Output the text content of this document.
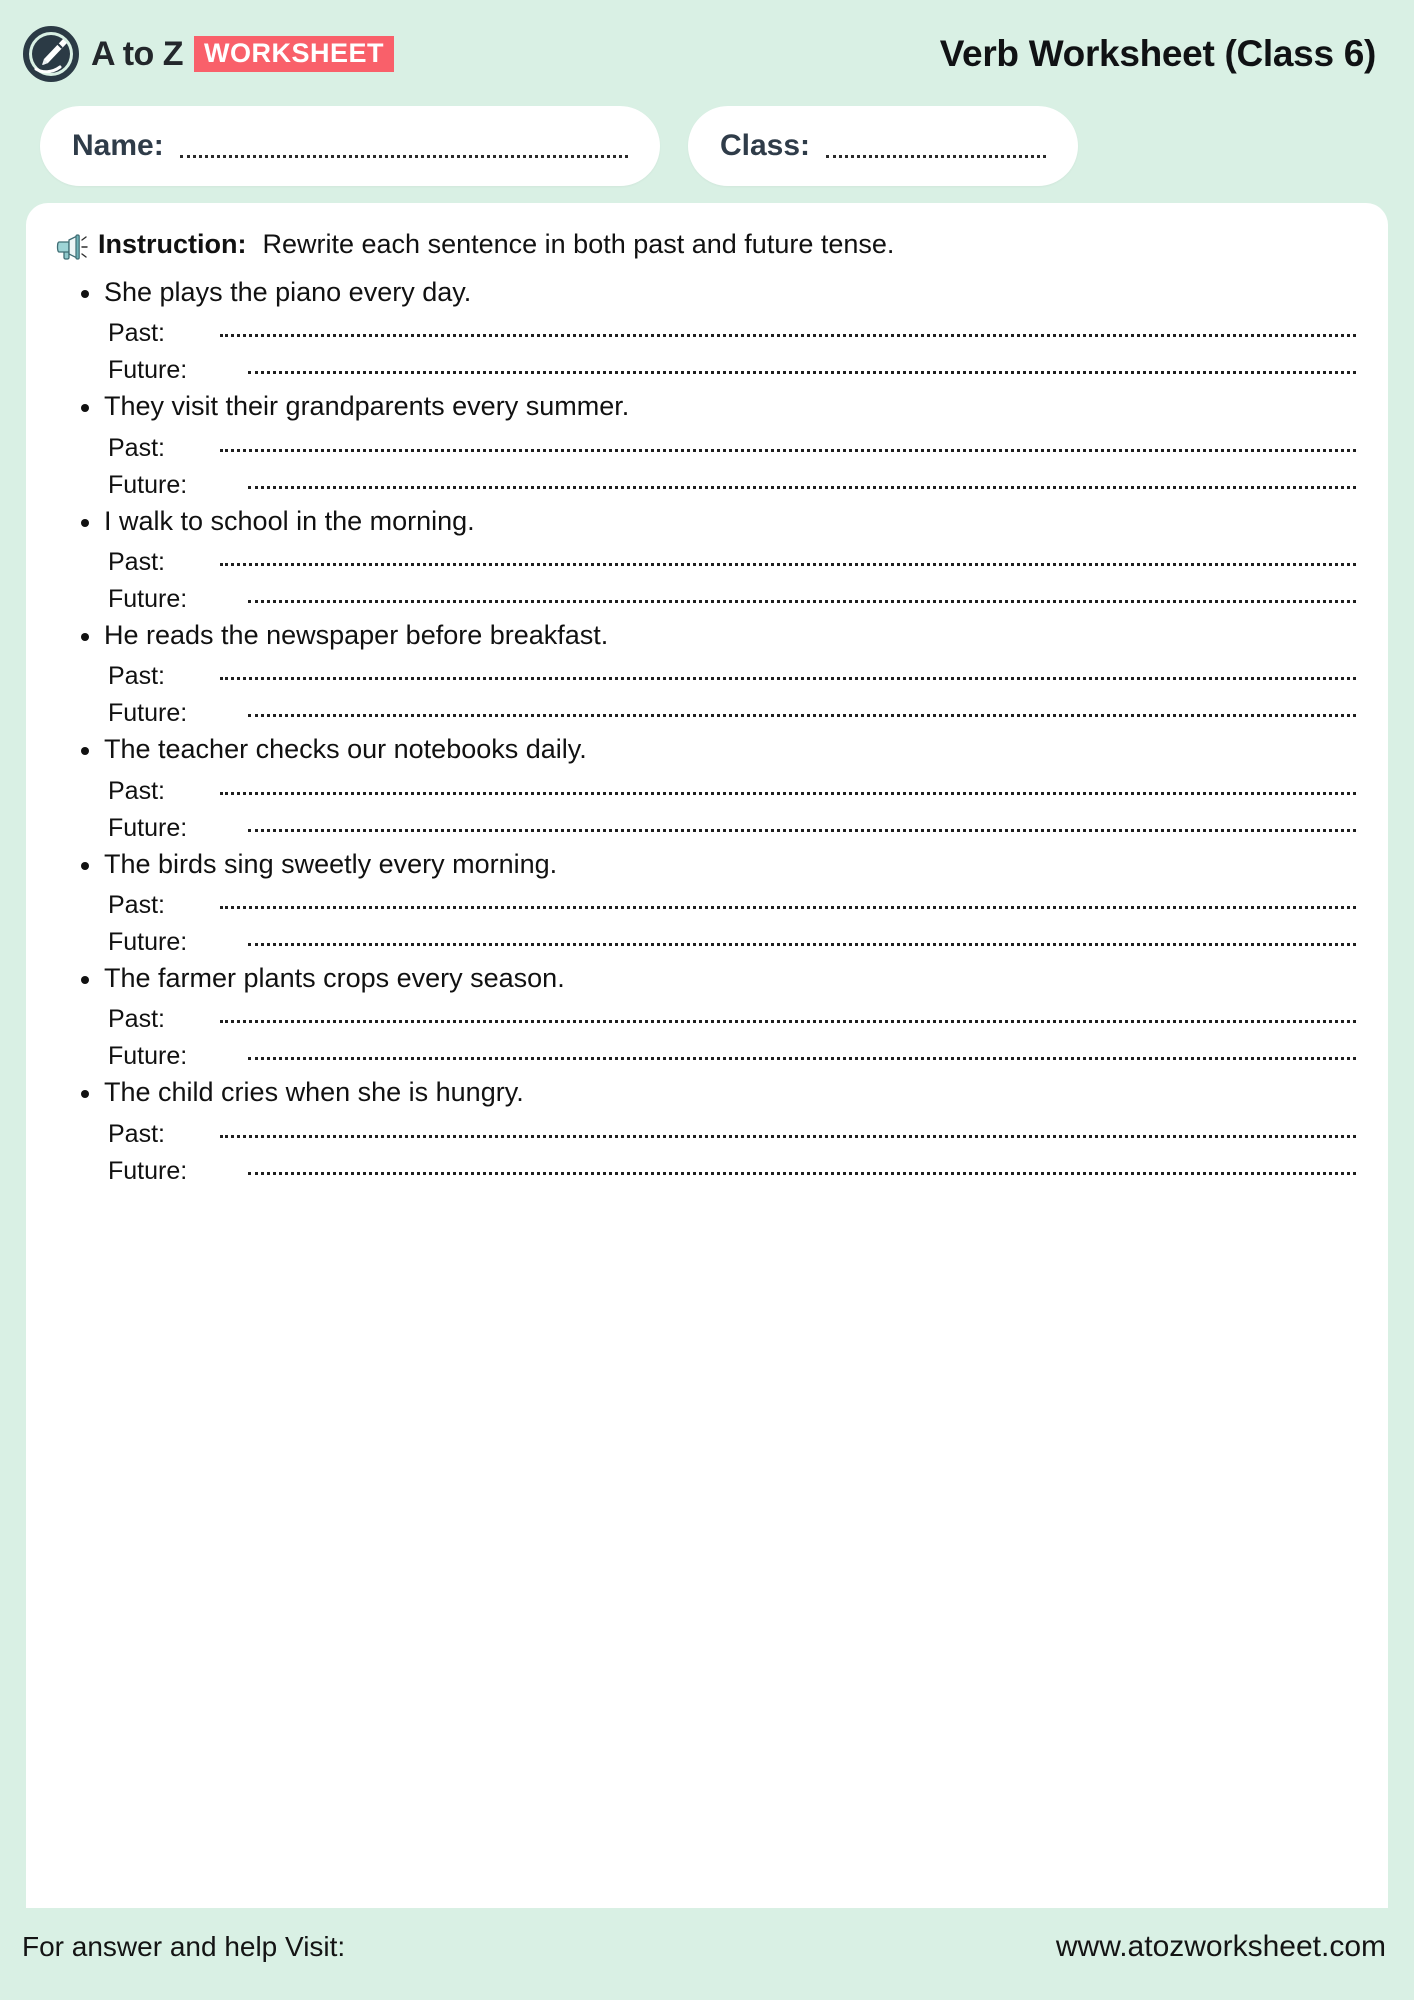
A to Z WORKSHEET	Verb Worksheet (Class 6)
Name:	Class:
Instruction: Rewrite each sentence in both past and future tense.
She plays the piano every day.
Past:
Future:
They visit their grandparents every summer.
Past:
Future:
I walk to school in the morning.
Past:
Future:
He reads the newspaper before breakfast.
Past:
Future:
The teacher checks our notebooks daily.
Past:
Future:
The birds sing sweetly every morning.
Past:
Future:
The farmer plants crops every season.
Past:
Future:
The child cries when she is hungry.
Past:
Future:
For answer and help Visit:	www.atozworksheet.com
